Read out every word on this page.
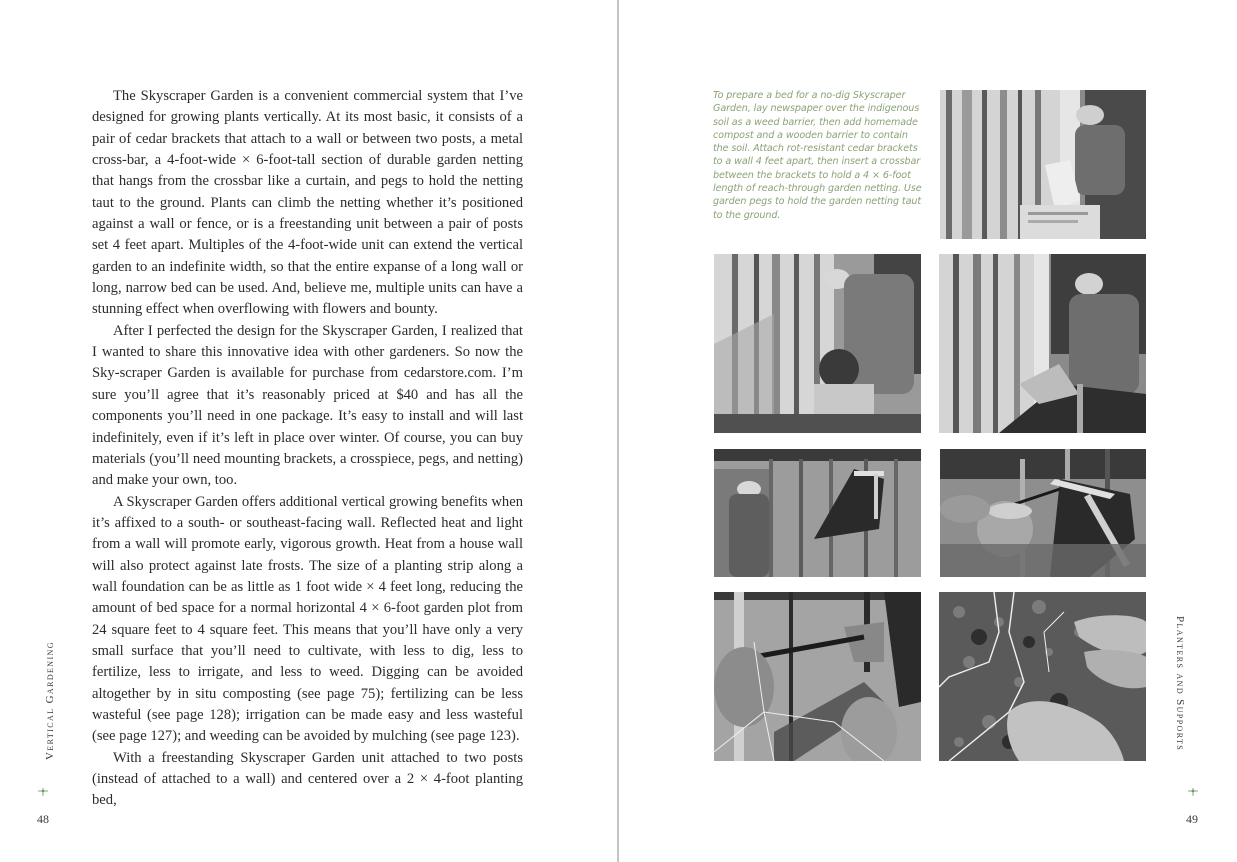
The Skyscraper Garden is a convenient commercial system that I’ve designed for growing plants vertically. At its most basic, it consists of a pair of cedar brackets that attach to a wall or between two posts, a metal cross-bar, a 4-foot-wide × 6-foot-tall section of durable garden netting that hangs from the crossbar like a curtain, and pegs to hold the netting taut to the ground. Plants can climb the netting whether it’s positioned against a wall or fence, or is a freestanding unit between a pair of posts set 4 feet apart. Multiples of the 4-foot-wide unit can extend the vertical garden to an indefinite width, so that the entire expanse of a long wall or long, narrow bed can be used. And, believe me, multiple units can have a stunning effect when overflowing with flowers and bounty.

After I perfected the design for the Skyscraper Garden, I realized that I wanted to share this innovative idea with other gardeners. So now the Sky-scraper Garden is available for purchase from cedarstore.com. I’m sure you’ll agree that it’s reasonably priced at $40 and has all the components you’ll need in one package. It’s easy to install and will last indefinitely, even if it’s left in place over winter. Of course, you can buy materials (you’ll need mounting brackets, a crosspiece, pegs, and netting) and make your own, too.

A Skyscraper Garden offers additional vertical growing benefits when it’s affixed to a south- or southeast-facing wall. Reflected heat and light from a wall will promote early, vigorous growth. Heat from a house wall will also protect against late frosts. The size of a planting strip along a wall foundation can be as little as 1 foot wide × 4 feet long, reducing the amount of bed space for a normal horizontal 4 × 6-foot garden plot from 24 square feet to 4 square feet. This means that you’ll have only a very small surface that you’ll need to cultivate, with less to dig, less to fertilize, less to irrigate, and less to weed. Digging can be avoided altogether by in situ composting (see page 75); fertilizing can be less wasteful (see page 128); irrigation can be made easy and less wasteful (see page 127); and weeding can be avoided by mulching (see page 123).

With a freestanding Skyscraper Garden unit attached to two posts (instead of attached to a wall) and centered over a 2 × 4-foot planting bed,

Vertical Gardening
48
To prepare a bed for a no-dig Skyscraper Garden, lay newspaper over the indigenous soil as a weed barrier, then add homemade compost and a wooden barrier to contain the soil. Attach rot-resistant cedar brackets to a wall 4 feet apart, then insert a crossbar between the brackets to hold a 4 × 6-foot length of reach-through garden netting. Use garden pegs to hold the garden netting taut to the ground.
Planters and Supports
49
